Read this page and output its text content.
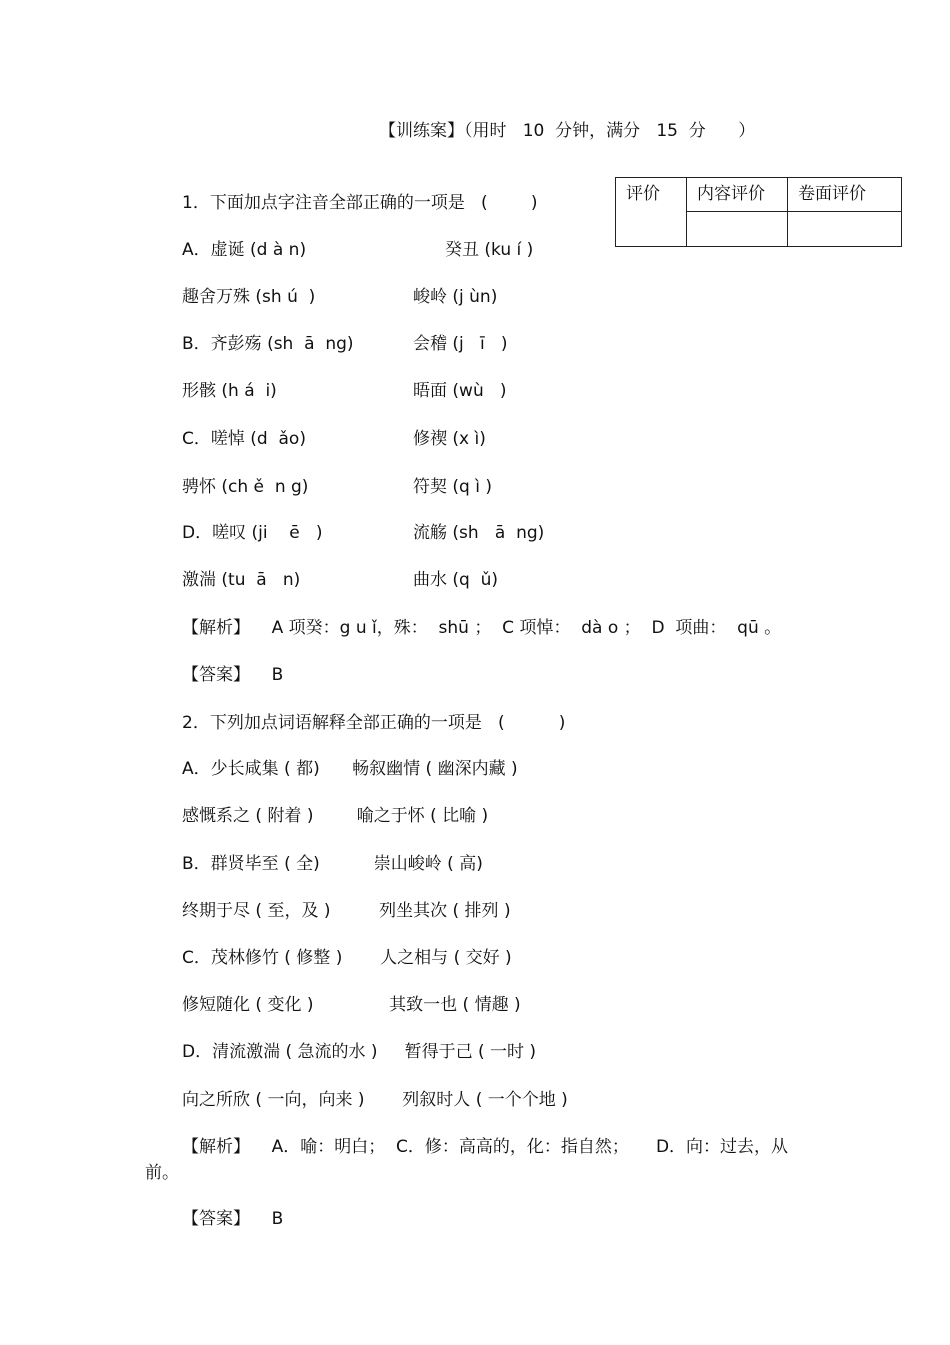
【训练案】（用时   10  分钟，满分   15  分      ）
评价	内容评价	卷面评价

1．下面加点字注音全部正确的一项是   (        )
A．虚诞 (d à n)	癸丑 (ku í )
趣舍万殊 (sh ú  )	峻岭 (j ùn)
B．齐彭殇 (sh  ā  ng)	会稽 (j   ī   )
形骸 (h á  i)	晤面 (wù   )
C．嗟悼 (d  ǎo)	修禊 (x ì)
骋怀 (ch ě  n g)	符契 (q ì )
D．嗟叹 (ji    ē   )	流觞 (sh   ā  ng)
激湍 (tu  ā   n)	曲水 (q  ǔ)
【解析】    A 项癸：g u ǐ，殊：  shū ；  C 项悼：  dà o ；  D  项曲：  qū 。
【答案】    B
2．下列加点词语解释全部正确的一项是   (          )
A．少长咸集 ( 都)      畅叙幽情 ( 幽深内藏 )
感慨系之 ( 附着 )        喻之于怀 ( 比喻 )
B．群贤毕至 ( 全)          崇山峻岭 ( 高)
终期于尽 ( 至，及 )         列坐其次 ( 排列 )
C．茂林修竹 ( 修整 )       人之相与 ( 交好 )
修短随化 ( 变化 )              其致一也 ( 情趣 )
D．清流激湍 ( 急流的水 )     暂得于己 ( 一时 )
向之所欣 ( 一向，向来 )       列叙时人 ( 一个个地 )
【解析】    A．喻：明白；  C．修：高高的，化：指自然；     D．向：过去，从
前。
【答案】    B
